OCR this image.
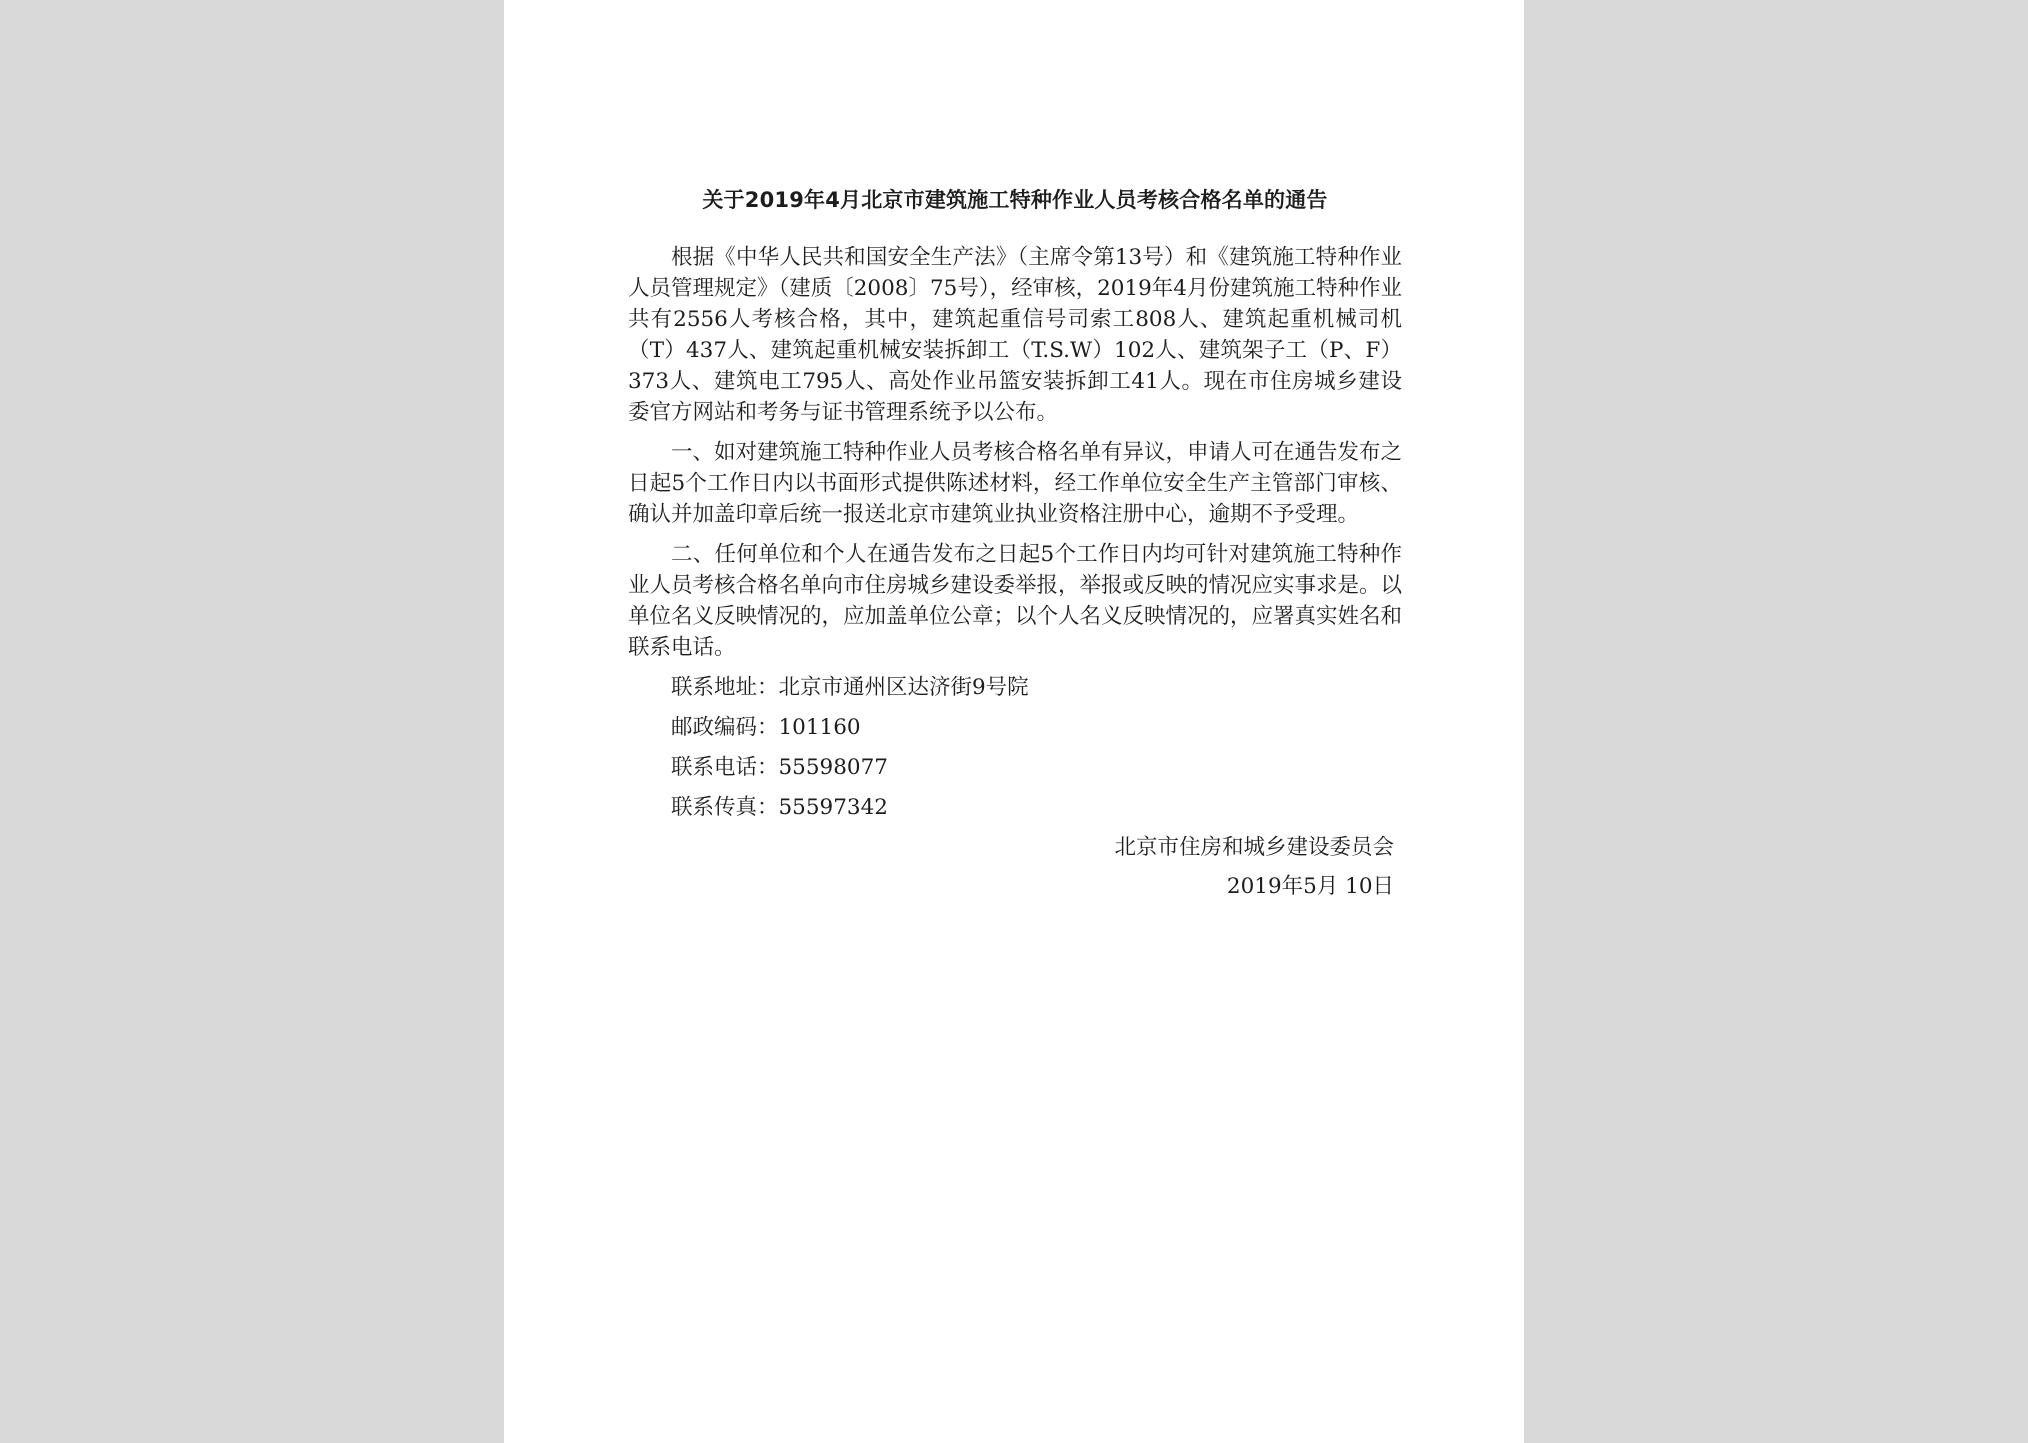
关于2019年4月北京市建筑施工特种作业人员考核合格名单的通告

根据《中华人民共和国安全生产法》（主席令第13号）和《建筑施工特种作业人员管理规定》（建质〔2008〕75号），经审核，2019年4月份建筑施工特种作业共有2556人考核合格，其中，建筑起重信号司索工808人、建筑起重机械司机（T）437人、建筑起重机械安装拆卸工（T.S.W）102人、建筑架子工（P、F）373人、建筑电工795人、高处作业吊篮安装拆卸工41人。现在市住房城乡建设委官方网站和考务与证书管理系统予以公布。

一、如对建筑施工特种作业人员考核合格名单有异议，申请人可在通告发布之日起5个工作日内以书面形式提供陈述材料，经工作单位安全生产主管部门审核、确认并加盖印章后统一报送北京市建筑业执业资格注册中心，逾期不予受理。

二、任何单位和个人在通告发布之日起5个工作日内均可针对建筑施工特种作业人员考核合格名单向市住房城乡建设委举报，举报或反映的情况应实事求是。以单位名义反映情况的，应加盖单位公章；以个人名义反映情况的，应署真实姓名和联系电话。

联系地址：北京市通州区达济街9号院

邮政编码：101160

联系电话：55598077

联系传真：55597342

北京市住房和城乡建设委员会

2019年5月 10日
